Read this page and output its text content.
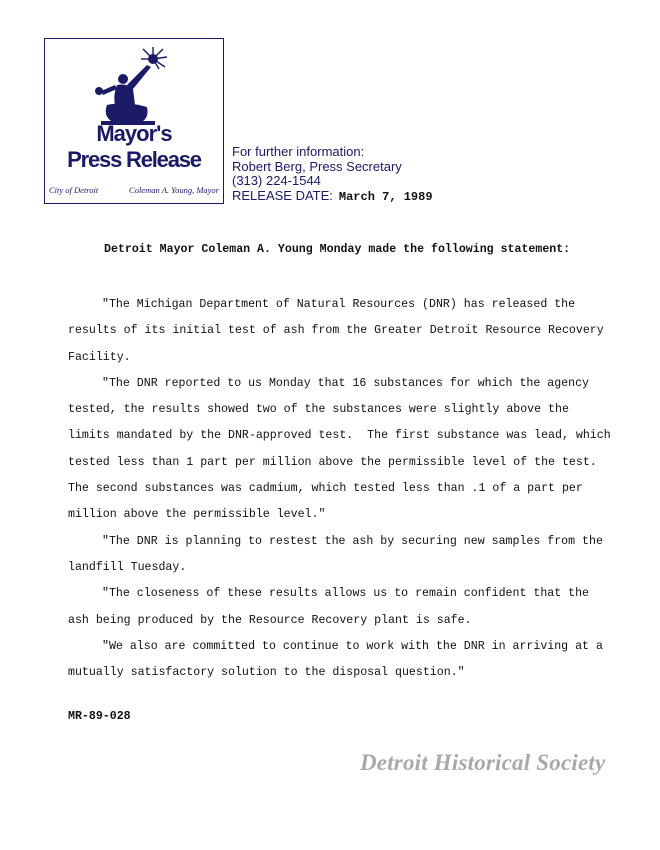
Mayor's
Press Release
City of Detroit	Coleman A. Young, Mayor
For further information:
Robert Berg, Press Secretary
(313) 224-1544
RELEASE DATE: March 7, 1989
Detroit Mayor Coleman A. Young Monday made the following statement:

"The Michigan Department of Natural Resources (DNR) has released the
results of its initial test of ash from the Greater Detroit Resource Recovery
Facility.

"The DNR reported to us Monday that 16 substances for which the agency
tested, the results showed two of the substances were slightly above the
limits mandated by the DNR-approved test.  The first substance was lead, which
tested less than 1 part per million above the permissible level of the test.
The second substances was cadmium, which tested less than .1 of a part per
million above the permissible level."

"The DNR is planning to restest the ash by securing new samples from the
landfill Tuesday.

"The closeness of these results allows us to remain confident that the
ash being produced by the Resource Recovery plant is safe.

"We also are committed to continue to work with the DNR in arriving at a
mutually satisfactory solution to the disposal question."

MR-89-028
Detroit Historical Society
